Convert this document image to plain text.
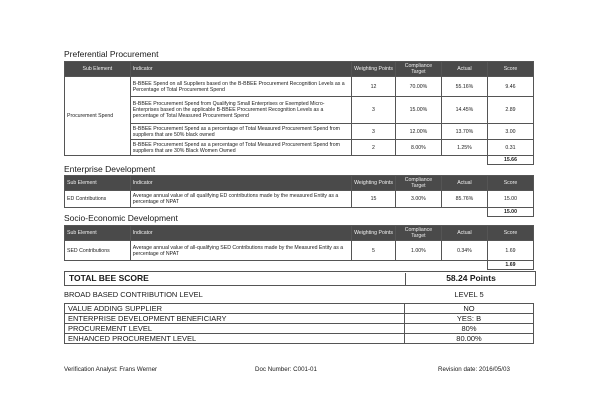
Preferential Procurement
Sub Element	Indicator	Weighting Points	Compliance Target	Actual	Score
Procurement Spend	B-BBEE Spend on all Suppliers based on the B-BBEE Procurement Recognition Levels as a Percentage of Total Procurement Spend	12	70.00%	55.16%	9.46
	B-BBEE Procurement Spend from Qualifying Small Enterprises or Exempted Micro-Enterprises based on the applicable B-BBEE Procurement Recognition Levels as a percentage of Total Measured Procurement Spend	3	15.00%	14.45%	2.89
	B-BBEE Procurement Spend as a percentage of Total Measured Procurement Spend from suppliers that are 50% black owned	3	12.00%	13.70%	3.00
	B-BBEE Procurement Spend as a percentage of Total Measured Procurement Spend from suppliers that are 30% Black Women Owned	2	8.00%	1.25%	0.31
					15.66
Enterprise Development
Sub Element	Indicator	Weighting Points	Compliance Target	Actual	Score
ED Contributions	Average annual value of all qualifying ED contributions made by the measured Entity as a percentage of NPAT	15	3.00%	85.76%	15.00
					15.00
Socio-Economic Development
Sub Element	Indicator	Weighting Points	Compliance Target	Actual	Score
SED Contributions	Average annual value of all-qualifying SED Contributions made by the Measured Entity as a percentage of NPAT	5	1.00%	0.34%	1.69
					1.69
TOTAL BEE SCORE	58.24 Points
BROAD BASED CONTRIBUTION LEVEL	LEVEL 5
VALUE ADDING SUPPLIER	NO
ENTERPRISE DEVELOPMENT BENEFICIARY	YES: B
PROCUREMENT LEVEL	80%
ENHANCED PROCUREMENT LEVEL	80.00%
Verification Analyst: Frans Werner	Doc Number: C001-01	Revision date: 2016/05/03
